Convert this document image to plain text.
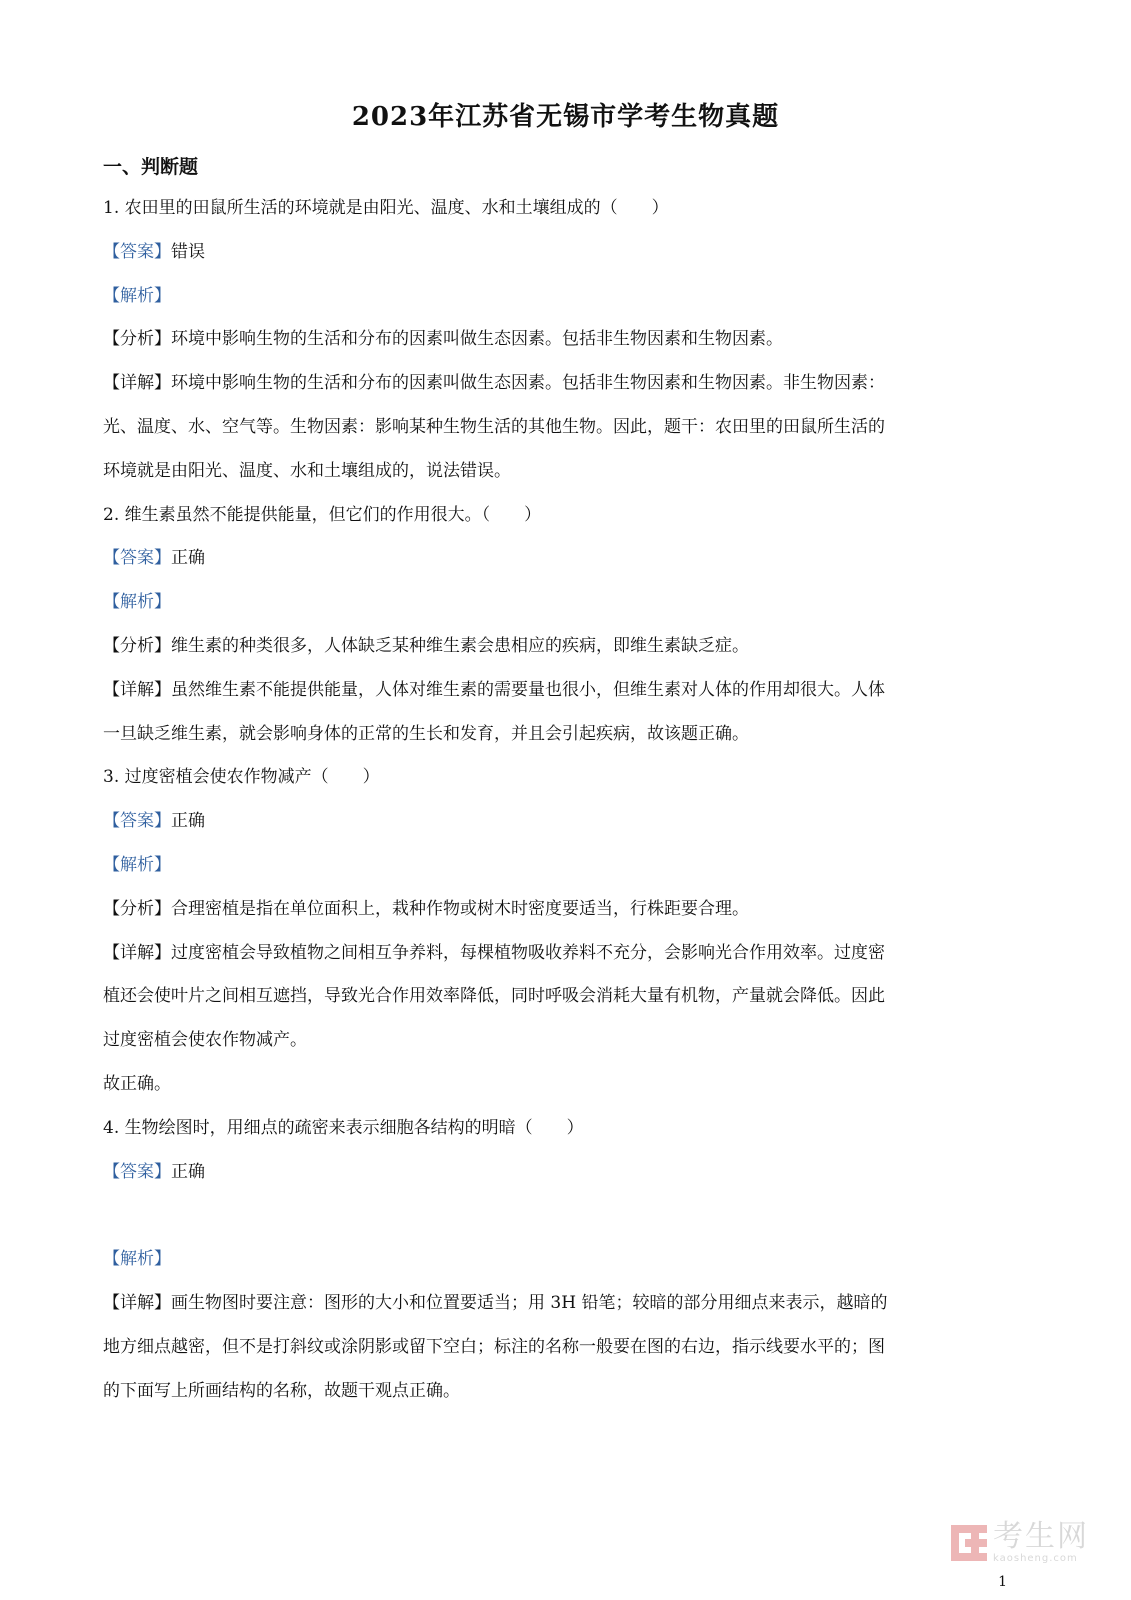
2023年江苏省无锡市学考生物真题
一、判断题
1. 农田里的田鼠所生活的环境就是由阳光、温度、水和土壤组成的（　　）
【答案】错误
【解析】
【分析】环境中影响生物的生活和分布的因素叫做生态因素。包括非生物因素和生物因素。
【详解】环境中影响生物的生活和分布的因素叫做生态因素。包括非生物因素和生物因素。非生物因素：
光、温度、水、空气等。生物因素：影响某种生物生活的其他生物。因此，题干：农田里的田鼠所生活的
环境就是由阳光、温度、水和土壤组成的，说法错误。
2. 维生素虽然不能提供能量，但它们的作用很大。（　　）
【答案】正确
【解析】
【分析】维生素的种类很多，人体缺乏某种维生素会患相应的疾病，即维生素缺乏症。
【详解】虽然维生素不能提供能量，人体对维生素的需要量也很小，但维生素对人体的作用却很大。人体
一旦缺乏维生素，就会影响身体的正常的生长和发育，并且会引起疾病，故该题正确。
3. 过度密植会使农作物减产（　　）
【答案】正确
【解析】
【分析】合理密植是指在单位面积上，栽种作物或树木时密度要适当，行株距要合理。
【详解】过度密植会导致植物之间相互争养料，每棵植物吸收养料不充分，会影响光合作用效率。过度密
植还会使叶片之间相互遮挡，导致光合作用效率降低，同时呼吸会消耗大量有机物，产量就会降低。因此
过度密植会使农作物减产。
故正确。
4. 生物绘图时，用细点的疏密来表示细胞各结构的明暗（　　）
【答案】正确
【解析】
【详解】画生物图时要注意：图形的大小和位置要适当；用 3H 铅笔；较暗的部分用细点来表示，越暗的
地方细点越密，但不是打斜纹或涂阴影或留下空白；标注的名称一般要在图的右边，指示线要水平的；图
的下面写上所画结构的名称，故题干观点正确。
考生网
kaosheng.com
1
